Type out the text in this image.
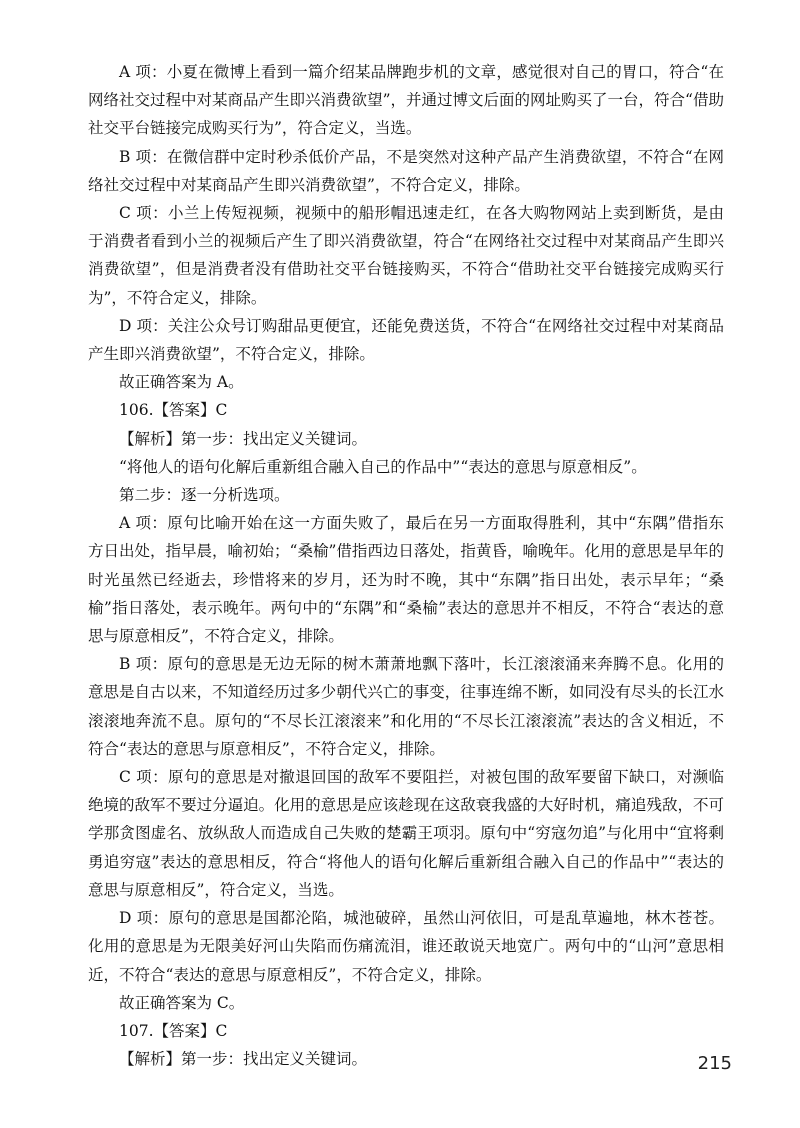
A 项：小夏在微博上看到一篇介绍某品牌跑步机的文章，感觉很对自己的胃口，符合“在网络社交过程中对某商品产生即兴消费欲望”，并通过博文后面的网址购买了一台，符合“借助社交平台链接完成购买行为”，符合定义，当选。

B 项：在微信群中定时秒杀低价产品，不是突然对这种产品产生消费欲望，不符合“在网络社交过程中对某商品产生即兴消费欲望”，不符合定义，排除。

C 项：小兰上传短视频，视频中的船形帽迅速走红，在各大购物网站上卖到断货，是由于消费者看到小兰的视频后产生了即兴消费欲望，符合“在网络社交过程中对某商品产生即兴消费欲望”，但是消费者没有借助社交平台链接购买，不符合“借助社交平台链接完成购买行为”，不符合定义，排除。

D 项：关注公众号订购甜品更便宜，还能免费送货，不符合“在网络社交过程中对某商品产生即兴消费欲望”，不符合定义，排除。

故正确答案为 A。

106.【答案】C

【解析】第一步：找出定义关键词。

“将他人的语句化解后重新组合融入自己的作品中”“表达的意思与原意相反”。

第二步：逐一分析选项。

A 项：原句比喻开始在这一方面失败了，最后在另一方面取得胜利，其中“东隅”借指东方日出处，指早晨，喻初始；“桑榆”借指西边日落处，指黄昏，喻晚年。化用的意思是早年的时光虽然已经逝去，珍惜将来的岁月，还为时不晚，其中“东隅”指日出处，表示早年；“桑榆”指日落处，表示晚年。两句中的“东隅”和“桑榆”表达的意思并不相反，不符合“表达的意思与原意相反”，不符合定义，排除。

B 项：原句的意思是无边无际的树木萧萧地飘下落叶，长江滚滚涌来奔腾不息。化用的意思是自古以来，不知道经历过多少朝代兴亡的事变，往事连绵不断，如同没有尽头的长江水滚滚地奔流不息。原句的“不尽长江滚滚来”和化用的“不尽长江滚滚流”表达的含义相近，不符合“表达的意思与原意相反”，不符合定义，排除。

C 项：原句的意思是对撤退回国的敌军不要阻拦，对被包围的敌军要留下缺口，对濒临绝境的敌军不要过分逼迫。化用的意思是应该趁现在这敌衰我盛的大好时机，痛追残敌，不可学那贪图虚名、放纵敌人而造成自己失败的楚霸王项羽。原句中“穷寇勿追”与化用中“宜将剩勇追穷寇”表达的意思相反，符合“将他人的语句化解后重新组合融入自己的作品中”“表达的意思与原意相反”，符合定义，当选。

D 项：原句的意思是国都沦陷，城池破碎，虽然山河依旧，可是乱草遍地，林木苍苍。化用的意思是为无限美好河山失陷而伤痛流泪，谁还敢说天地宽广。两句中的“山河”意思相近，不符合“表达的意思与原意相反”，不符合定义，排除。

故正确答案为 C。

107.【答案】C

【解析】第一步：找出定义关键词。	215
